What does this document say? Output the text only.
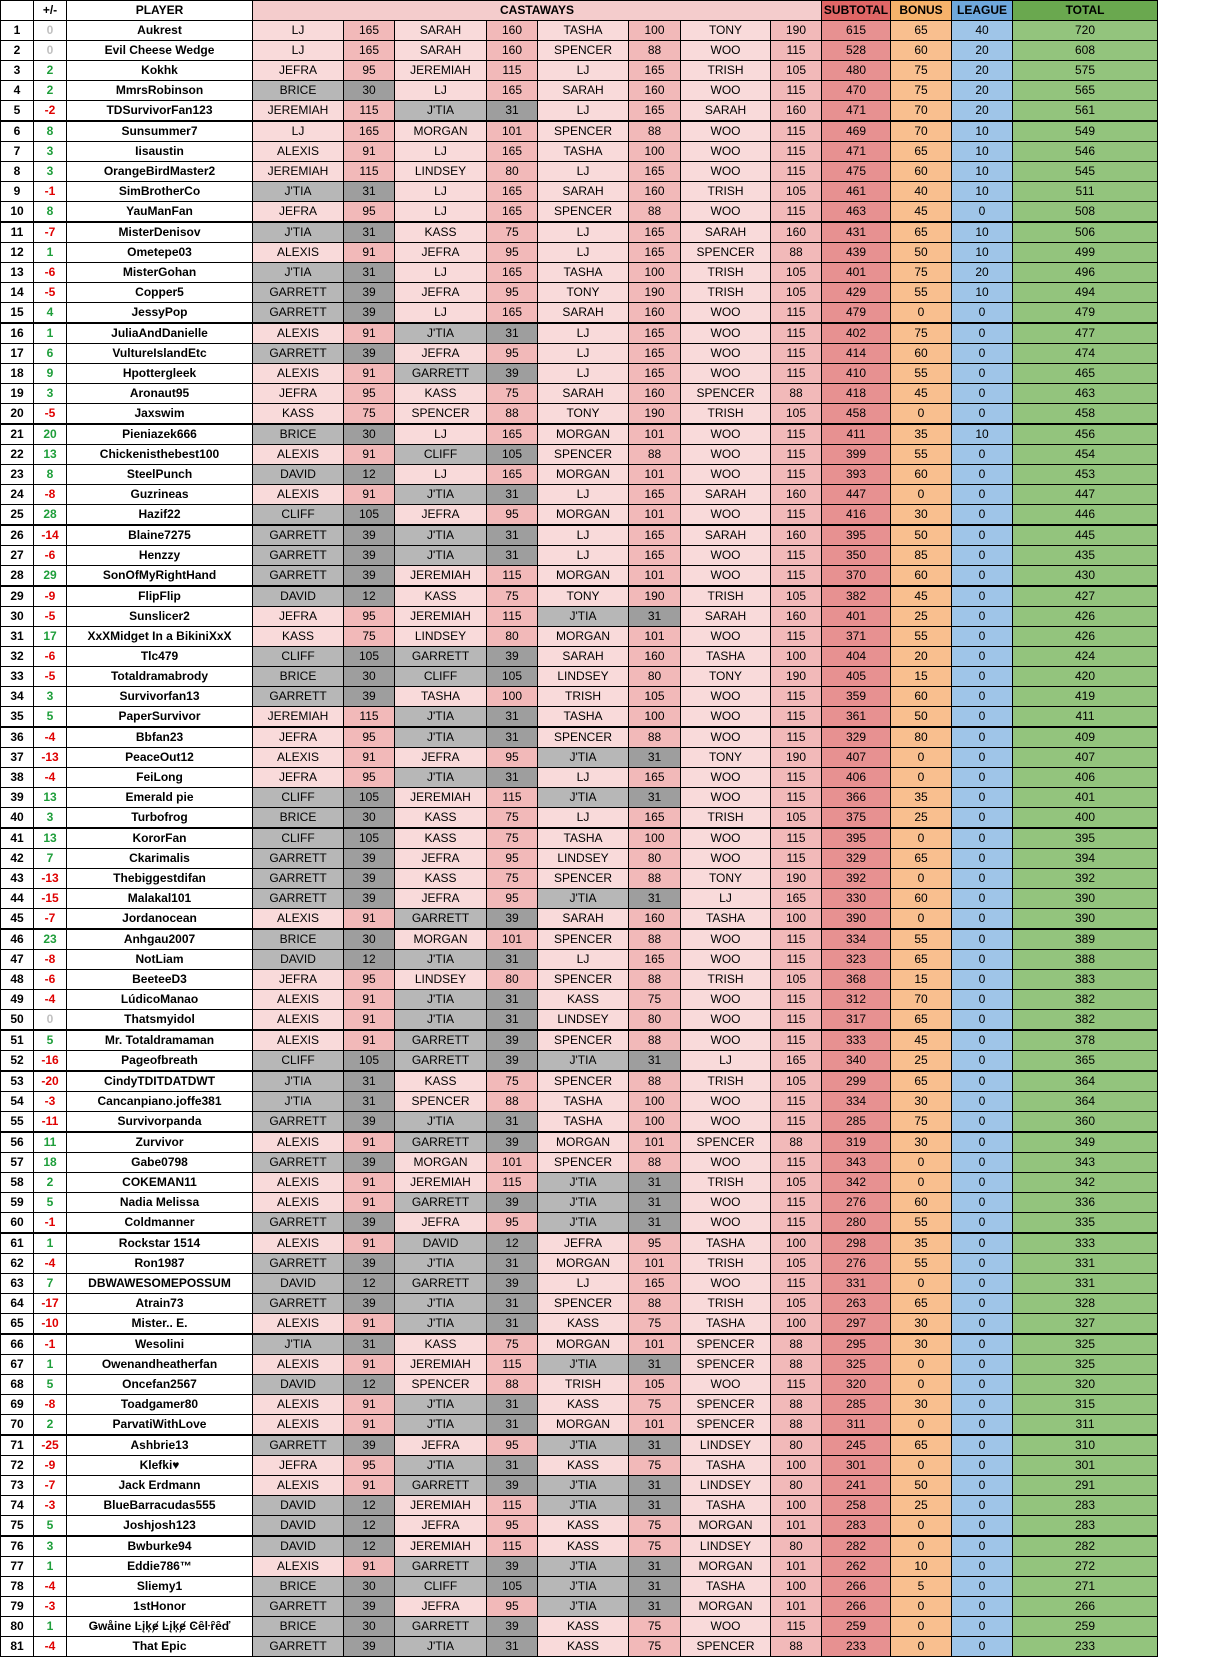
	+/-	PLAYER	CASTAWAYS								SUBTOTAL	BONUS	LEAGUE	TOTAL
1	0	Aukrest	LJ	165	SARAH	160	TASHA	100	TONY	190	615	65	40	720
2	0	Evil Cheese Wedge	LJ	165	SARAH	160	SPENCER	88	WOO	115	528	60	20	608
3	2	Kokhk	JEFRA	95	JEREMIAH	115	LJ	165	TRISH	105	480	75	20	575
4	2	MmrsRobinson	BRICE	30	LJ	165	SARAH	160	WOO	115	470	75	20	565
5	-2	TDSurvivorFan123	JEREMIAH	115	J'TIA	31	LJ	165	SARAH	160	471	70	20	561
6	8	Sunsummer7	LJ	165	MORGAN	101	SPENCER	88	WOO	115	469	70	10	549
7	3	Iisaustin	ALEXIS	91	LJ	165	TASHA	100	WOO	115	471	65	10	546
8	3	OrangeBirdMaster2	JEREMIAH	115	LINDSEY	80	LJ	165	WOO	115	475	60	10	545
9	-1	SimBrotherCo	J'TIA	31	LJ	165	SARAH	160	TRISH	105	461	40	10	511
10	8	YauManFan	JEFRA	95	LJ	165	SPENCER	88	WOO	115	463	45	0	508
11	-7	MisterDenisov	J'TIA	31	KASS	75	LJ	165	SARAH	160	431	65	10	506
12	1	Ometepe03	ALEXIS	91	JEFRA	95	LJ	165	SPENCER	88	439	50	10	499
13	-6	MisterGohan	J'TIA	31	LJ	165	TASHA	100	TRISH	105	401	75	20	496
14	-5	Copper5	GARRETT	39	JEFRA	95	TONY	190	TRISH	105	429	55	10	494
15	4	JessyPop	GARRETT	39	LJ	165	SARAH	160	WOO	115	479	0	0	479
16	1	JuliaAndDanielle	ALEXIS	91	J'TIA	31	LJ	165	WOO	115	402	75	0	477
17	6	VultureIslandEtc	GARRETT	39	JEFRA	95	LJ	165	WOO	115	414	60	0	474
18	9	Hpottergleek	ALEXIS	91	GARRETT	39	LJ	165	WOO	115	410	55	0	465
19	3	Aronaut95	JEFRA	95	KASS	75	SARAH	160	SPENCER	88	418	45	0	463
20	-5	Jaxswim	KASS	75	SPENCER	88	TONY	190	TRISH	105	458	0	0	458
21	20	Pieniazek666	BRICE	30	LJ	165	MORGAN	101	WOO	115	411	35	10	456
22	13	Chickenisthebest100	ALEXIS	91	CLIFF	105	SPENCER	88	WOO	115	399	55	0	454
23	8	SteelPunch	DAVID	12	LJ	165	MORGAN	101	WOO	115	393	60	0	453
24	-8	Guzrineas	ALEXIS	91	J'TIA	31	LJ	165	SARAH	160	447	0	0	447
25	28	Hazif22	CLIFF	105	JEFRA	95	MORGAN	101	WOO	115	416	30	0	446
26	-14	Blaine7275	GARRETT	39	J'TIA	31	LJ	165	SARAH	160	395	50	0	445
27	-6	Henzzy	GARRETT	39	J'TIA	31	LJ	165	WOO	115	350	85	0	435
28	29	SonOfMyRightHand	GARRETT	39	JEREMIAH	115	MORGAN	101	WOO	115	370	60	0	430
29	-9	FlipFlip	DAVID	12	KASS	75	TONY	190	TRISH	105	382	45	0	427
30	-5	Sunslicer2	JEFRA	95	JEREMIAH	115	J'TIA	31	SARAH	160	401	25	0	426
31	17	XxXMidget In a BikiniXxX	KASS	75	LINDSEY	80	MORGAN	101	WOO	115	371	55	0	426
32	-6	Tlc479	CLIFF	105	GARRETT	39	SARAH	160	TASHA	100	404	20	0	424
33	-5	Totaldramabrody	BRICE	30	CLIFF	105	LINDSEY	80	TONY	190	405	15	0	420
34	3	Survivorfan13	GARRETT	39	TASHA	100	TRISH	105	WOO	115	359	60	0	419
35	5	PaperSurvivor	JEREMIAH	115	J'TIA	31	TASHA	100	WOO	115	361	50	0	411
36	-4	Bbfan23	JEFRA	95	J'TIA	31	SPENCER	88	WOO	115	329	80	0	409
37	-13	PeaceOut12	ALEXIS	91	JEFRA	95	J'TIA	31	TONY	190	407	0	0	407
38	-4	FeiLong	JEFRA	95	J'TIA	31	LJ	165	WOO	115	406	0	0	406
39	13	Emerald pie	CLIFF	105	JEREMIAH	115	J'TIA	31	WOO	115	366	35	0	401
40	3	Turbofrog	BRICE	30	KASS	75	LJ	165	TRISH	105	375	25	0	400
41	13	KororFan	CLIFF	105	KASS	75	TASHA	100	WOO	115	395	0	0	395
42	7	Ckarimalis	GARRETT	39	JEFRA	95	LINDSEY	80	WOO	115	329	65	0	394
43	-13	Thebiggestdifan	GARRETT	39	KASS	75	SPENCER	88	TONY	190	392	0	0	392
44	-15	Malakal101	GARRETT	39	JEFRA	95	J'TIA	31	LJ	165	330	60	0	390
45	-7	Jordanocean	ALEXIS	91	GARRETT	39	SARAH	160	TASHA	100	390	0	0	390
46	23	Anhgau2007	BRICE	30	MORGAN	101	SPENCER	88	WOO	115	334	55	0	389
47	-8	NotLiam	DAVID	12	J'TIA	31	LJ	165	WOO	115	323	65	0	388
48	-6	BeeteeD3	JEFRA	95	LINDSEY	80	SPENCER	88	TRISH	105	368	15	0	383
49	-4	LúdicoManao	ALEXIS	91	J'TIA	31	KASS	75	WOO	115	312	70	0	382
50	0	Thatsmyidol	ALEXIS	91	J'TIA	31	LINDSEY	80	WOO	115	317	65	0	382
51	5	Mr. Totaldramaman	ALEXIS	91	GARRETT	39	SPENCER	88	WOO	115	333	45	0	378
52	-16	Pageofbreath	CLIFF	105	GARRETT	39	J'TIA	31	LJ	165	340	25	0	365
53	-20	CindyTDITDATDWT	J'TIA	31	KASS	75	SPENCER	88	TRISH	105	299	65	0	364
54	-3	Cancanpiano.joffe381	J'TIA	31	SPENCER	88	TASHA	100	WOO	115	334	30	0	364
55	-11	Survivorpanda	GARRETT	39	J'TIA	31	TASHA	100	WOO	115	285	75	0	360
56	11	Zurvivor	ALEXIS	91	GARRETT	39	MORGAN	101	SPENCER	88	319	30	0	349
57	18	Gabe0798	GARRETT	39	MORGAN	101	SPENCER	88	WOO	115	343	0	0	343
58	2	COKEMAN11	ALEXIS	91	JEREMIAH	115	J'TIA	31	TRISH	105	342	0	0	342
59	5	Nadia Melissa	ALEXIS	91	GARRETT	39	J'TIA	31	WOO	115	276	60	0	336
60	-1	Coldmanner	GARRETT	39	JEFRA	95	J'TIA	31	WOO	115	280	55	0	335
61	1	Rockstar 1514	ALEXIS	91	DAVID	12	JEFRA	95	TASHA	100	298	35	0	333
62	-4	Ron1987	GARRETT	39	J'TIA	31	MORGAN	101	TRISH	105	276	55	0	331
63	7	DBWAWESOMEPOSSUM	DAVID	12	GARRETT	39	LJ	165	WOO	115	331	0	0	331
64	-17	Atrain73	GARRETT	39	J'TIA	31	SPENCER	88	TRISH	105	263	65	0	328
65	-10	Mister.. E.	ALEXIS	91	J'TIA	31	KASS	75	TASHA	100	297	30	0	327
66	-1	Wesolini	J'TIA	31	KASS	75	MORGAN	101	SPENCER	88	295	30	0	325
67	1	Owenandheatherfan	ALEXIS	91	JEREMIAH	115	J'TIA	31	SPENCER	88	325	0	0	325
68	5	Oncefan2567	DAVID	12	SPENCER	88	TRISH	105	WOO	115	320	0	0	320
69	-8	Toadgamer80	ALEXIS	91	J'TIA	31	KASS	75	SPENCER	88	285	30	0	315
70	2	ParvatiWithLove	ALEXIS	91	J'TIA	31	MORGAN	101	SPENCER	88	311	0	0	311
71	-25	Ashbrie13	GARRETT	39	JEFRA	95	J'TIA	31	LINDSEY	80	245	65	0	310
72	-9	Klefki♥	JEFRA	95	J'TIA	31	KASS	75	TASHA	100	301	0	0	301
73	-7	Jack Erdmann	ALEXIS	91	GARRETT	39	J'TIA	31	LINDSEY	80	241	50	0	291
74	-3	BlueBarracudas555	DAVID	12	JEREMIAH	115	J'TIA	31	TASHA	100	258	25	0	283
75	5	Joshjosh123	DAVID	12	JEFRA	95	KASS	75	MORGAN	101	283	0	0	283
76	3	Bwburke94	DAVID	12	JEREMIAH	115	KASS	75	LINDSEY	80	282	0	0	282
77	1	Eddie786™	ALEXIS	91	GARRETT	39	J'TIA	31	MORGAN	101	262	10	0	272
78	-4	Sliemy1	BRICE	30	CLIFF	105	J'TIA	31	TASHA	100	266	5	0	271
79	-3	1stHonor	GARRETT	39	JEFRA	95	J'TIA	31	MORGAN	101	266	0	0	266
80	1	Ǥwåine Ŀįķɇ Ŀįķɇ Ͼȇŀȓȇď	BRICE	30	GARRETT	39	KASS	75	WOO	115	259	0	0	259
81	-4	That Epic	GARRETT	39	J'TIA	31	KASS	75	SPENCER	88	233	0	0	233
